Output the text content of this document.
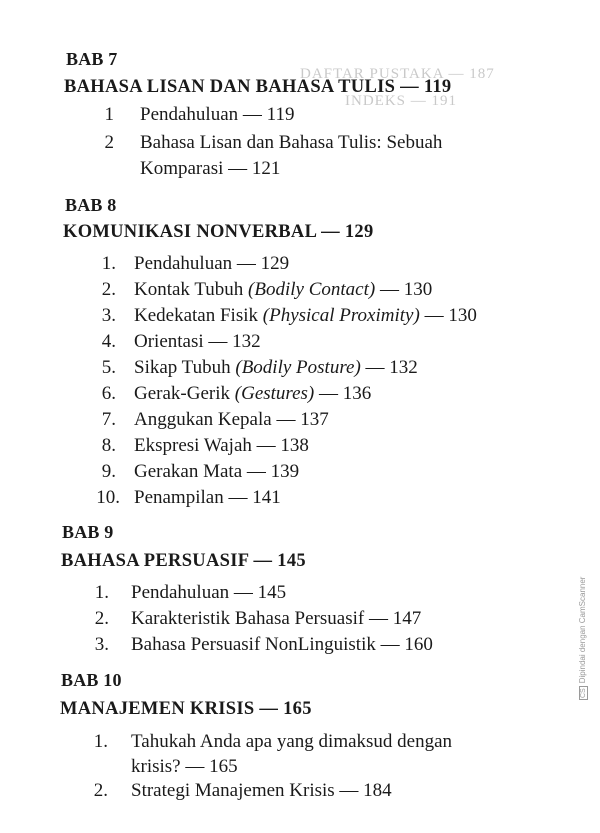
DAFTAR PUSTAKA — 187
INDEKS — 191
BAB 7
BAHASA LISAN DAN BAHASA TULIS — 119
1 Pendahuluan — 119
2 Bahasa Lisan dan Bahasa Tulis: Sebuah
Komparasi — 121
BAB 8
KOMUNIKASI NONVERBAL — 129
1. Pendahuluan — 129
2. Kontak Tubuh (Bodily Contact) — 130
3. Kedekatan Fisik (Physical Proximity) — 130
4. Orientasi — 132
5. Sikap Tubuh (Bodily Posture) — 132
6. Gerak-Gerik (Gestures) — 136
7. Anggukan Kepala — 137
8. Ekspresi Wajah — 138
9. Gerakan Mata — 139
10. Penampilan — 141
BAB 9
BAHASA PERSUASIF — 145
1. Pendahuluan — 145
2. Karakteristik Bahasa Persuasif — 147
3. Bahasa Persuasif NonLinguistik — 160
BAB 10
MANAJEMEN KRISIS — 165
1. Tahukah Anda apa yang dimaksud dengan
krisis? — 165
2. Strategi Manajemen Krisis — 184
CSDipindai dengan CamScanner
